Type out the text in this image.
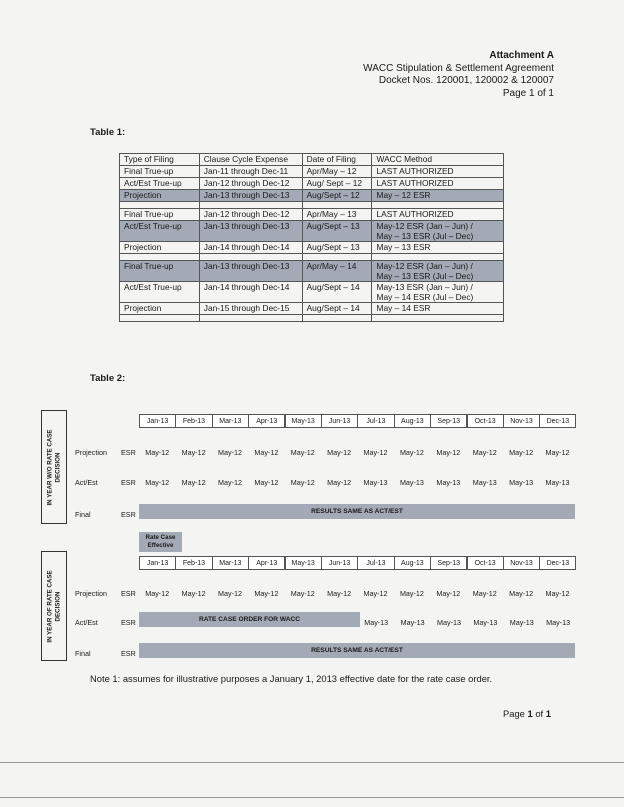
Attachment A
WACC Stipulation & Settlement Agreement
Docket Nos. 120001, 120002 & 120007
Page 1 of 1
Table 1:
Type of Filing	Clause Cycle Expense	Date of Filing	WACC Method
Final True-up	Jan-11 through Dec-11	Apr/May – 12	LAST AUTHORIZED
Act/Est True-up	Jan-12 through Dec-12	Aug/ Sept – 12	LAST AUTHORIZED
Projection	Jan-13 through Dec-13	Aug/Sept – 12	May – 12 ESR

Final True-up	Jan-12 through Dec-12	Apr/May – 13	LAST AUTHORIZED
Act/Est True-up	Jan-13 through Dec-13	Aug/Sept – 13	May-12 ESR (Jan – Jun) /
			May – 13 ESR (Jul – Dec)
Projection	Jan-14 through Dec-14	Aug/Sept – 13	May – 13 ESR

Final True-up	Jan-13 through Dec-13	Apr/May – 14	May-12 ESR (Jan – Jun) /
			May – 13 ESR (Jul – Dec)
Act/Est True-up	Jan-14 through Dec-14	Aug/Sept – 14	May-13 ESR (Jan – Jun) /
			May – 14 ESR (Jul – Dec)
Projection	Jan-15 through Dec-15	Aug/Sept – 14	May – 14 ESR

Table 2:
IN YEAR W/O RATE CASE DECISION
Jan-13	Feb-13	Mar-13	Apr-13	May-13	Jun-13	Jul-13	Aug-13	Sep-13	Oct-13	Nov-13	Dec-13
Projection ESR	May-12	May-12	May-12	May-12	May-12	May-12	May-12	May-12	May-12	May-12	May-12	May-12
Act/Est	ESR	May-12	May-12	May-12	May-12	May-12	May-12	May-13	May-13	May-13	May-13	May-13	May-13
Final	ESR	RESULTS SAME AS ACT/EST
Rate Case
Effective
IN YEAR OF RATE CASE DECISION
Jan-13	Feb-13	Mar-13	Apr-13	May-13	Jun-13	Jul-13	Aug-13	Sep-13	Oct-13	Nov-13	Dec-13
Projection ESR	May-12	May-12	May-12	May-12	May-12	May-12	May-12	May-12	May-12	May-12	May-12	May-12
Act/Est	ESR	RATE CASE ORDER FOR WACC	May-13	May-13	May-13	May-13	May-13	May-13
Final	ESR	RESULTS SAME AS ACT/EST
Note 1: assumes for illustrative purposes a January 1, 2013 effective date for the rate case order.
Page 1 of 1
